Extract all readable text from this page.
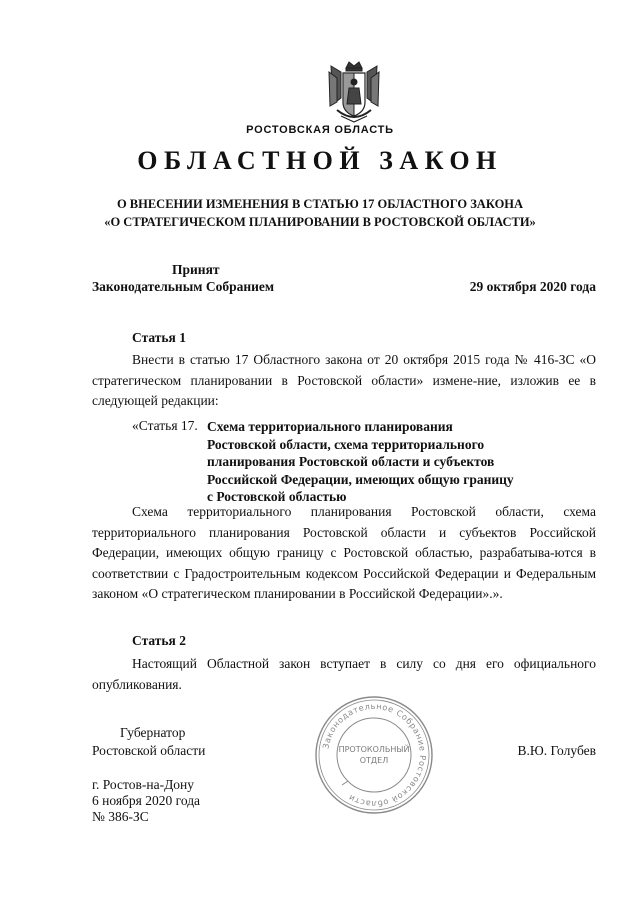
РОСТОВСКАЯ ОБЛАСТЬ
ОБЛАСТНОЙ ЗАКОН
О ВНЕСЕНИИ ИЗМЕНЕНИЯ В СТАТЬЮ 17 ОБЛАСТНОГО ЗАКОНА
«О СТРАТЕГИЧЕСКОМ ПЛАНИРОВАНИИ В РОСТОВСКОЙ ОБЛАСТИ»
Принят
Законодательным Собранием	29 октября 2020 года
Статья 1
Внести в статью 17 Областного закона от 20 октября 2015 года № 416-ЗС «О стратегическом планировании в Ростовской области» измене-ние, изложив ее в следующей редакции:
«Статья 17. Схема территориального планирования
Ростовской области, схема территориального
планирования Ростовской области и субъектов
Российской Федерации, имеющих общую границу
с Ростовской областью
Схема территориального планирования Ростовской области, схема территориального планирования Ростовской области и субъектов Российской Федерации, имеющих общую границу с Ростовской областью, разрабатыва-ются в соответствии с Градостроительным кодексом Российской Федерации и Федеральным законом «О стратегическом планировании в Российской Федерации».».
Статья 2
Настоящий Областной закон вступает в силу со дня его официального опубликования.
Губернатор
Ростовской области	В.Ю. Голубев
г. Ростов-на-Дону
6 ноября 2020 года
№ 386-ЗС
Законодательное Собрание Ростовской области
ПРОТОКОЛЬНЫЙ
ОТДЕЛ
